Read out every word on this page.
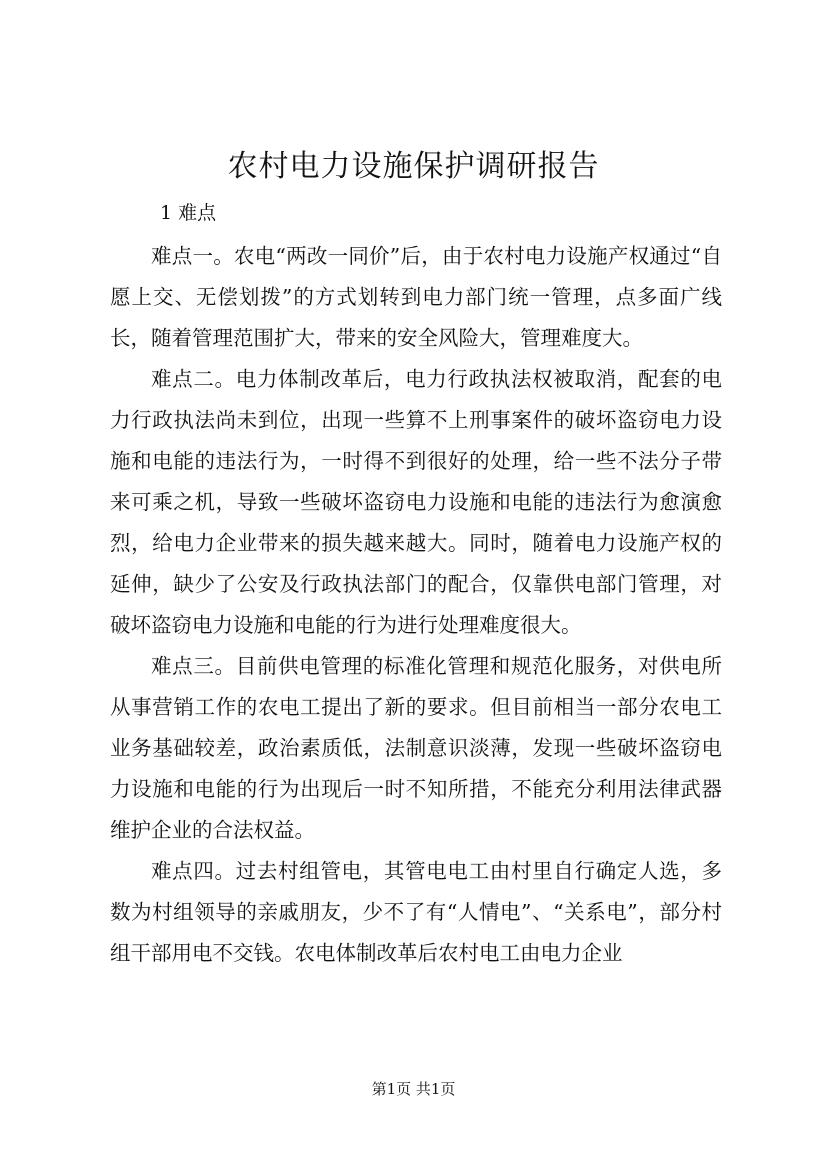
农村电力设施保护调研报告

1 难点

难点一。农电“两改一同价”后，由于农村电力设施产权通过“自愿上交、无偿划拨”的方式划转到电力部门统一管理，点多面广线长，随着管理范围扩大，带来的安全风险大，管理难度大。

难点二。电力体制改革后，电力行政执法权被取消，配套的电力行政执法尚未到位，出现一些算不上刑事案件的破坏盗窃电力设施和电能的违法行为，一时得不到很好的处理，给一些不法分子带来可乘之机，导致一些破坏盗窃电力设施和电能的违法行为愈演愈烈，给电力企业带来的损失越来越大。同时，随着电力设施产权的延伸，缺少了公安及行政执法部门的配合，仅靠供电部门管理，对破坏盗窃电力设施和电能的行为进行处理难度很大。

难点三。目前供电管理的标准化管理和规范化服务，对供电所从事营销工作的农电工提出了新的要求。但目前相当一部分农电工业务基础较差，政治素质低，法制意识淡薄，发现一些破坏盗窃电力设施和电能的行为出现后一时不知所措，不能充分利用法律武器维护企业的合法权益。

难点四。过去村组管电，其管电电工由村里自行确定人选，多数为村组领导的亲戚朋友，少不了有“人情电”、“关系电”，部分村组干部用电不交钱。农电体制改革后农村电工由电力企业

第1页 共1页
